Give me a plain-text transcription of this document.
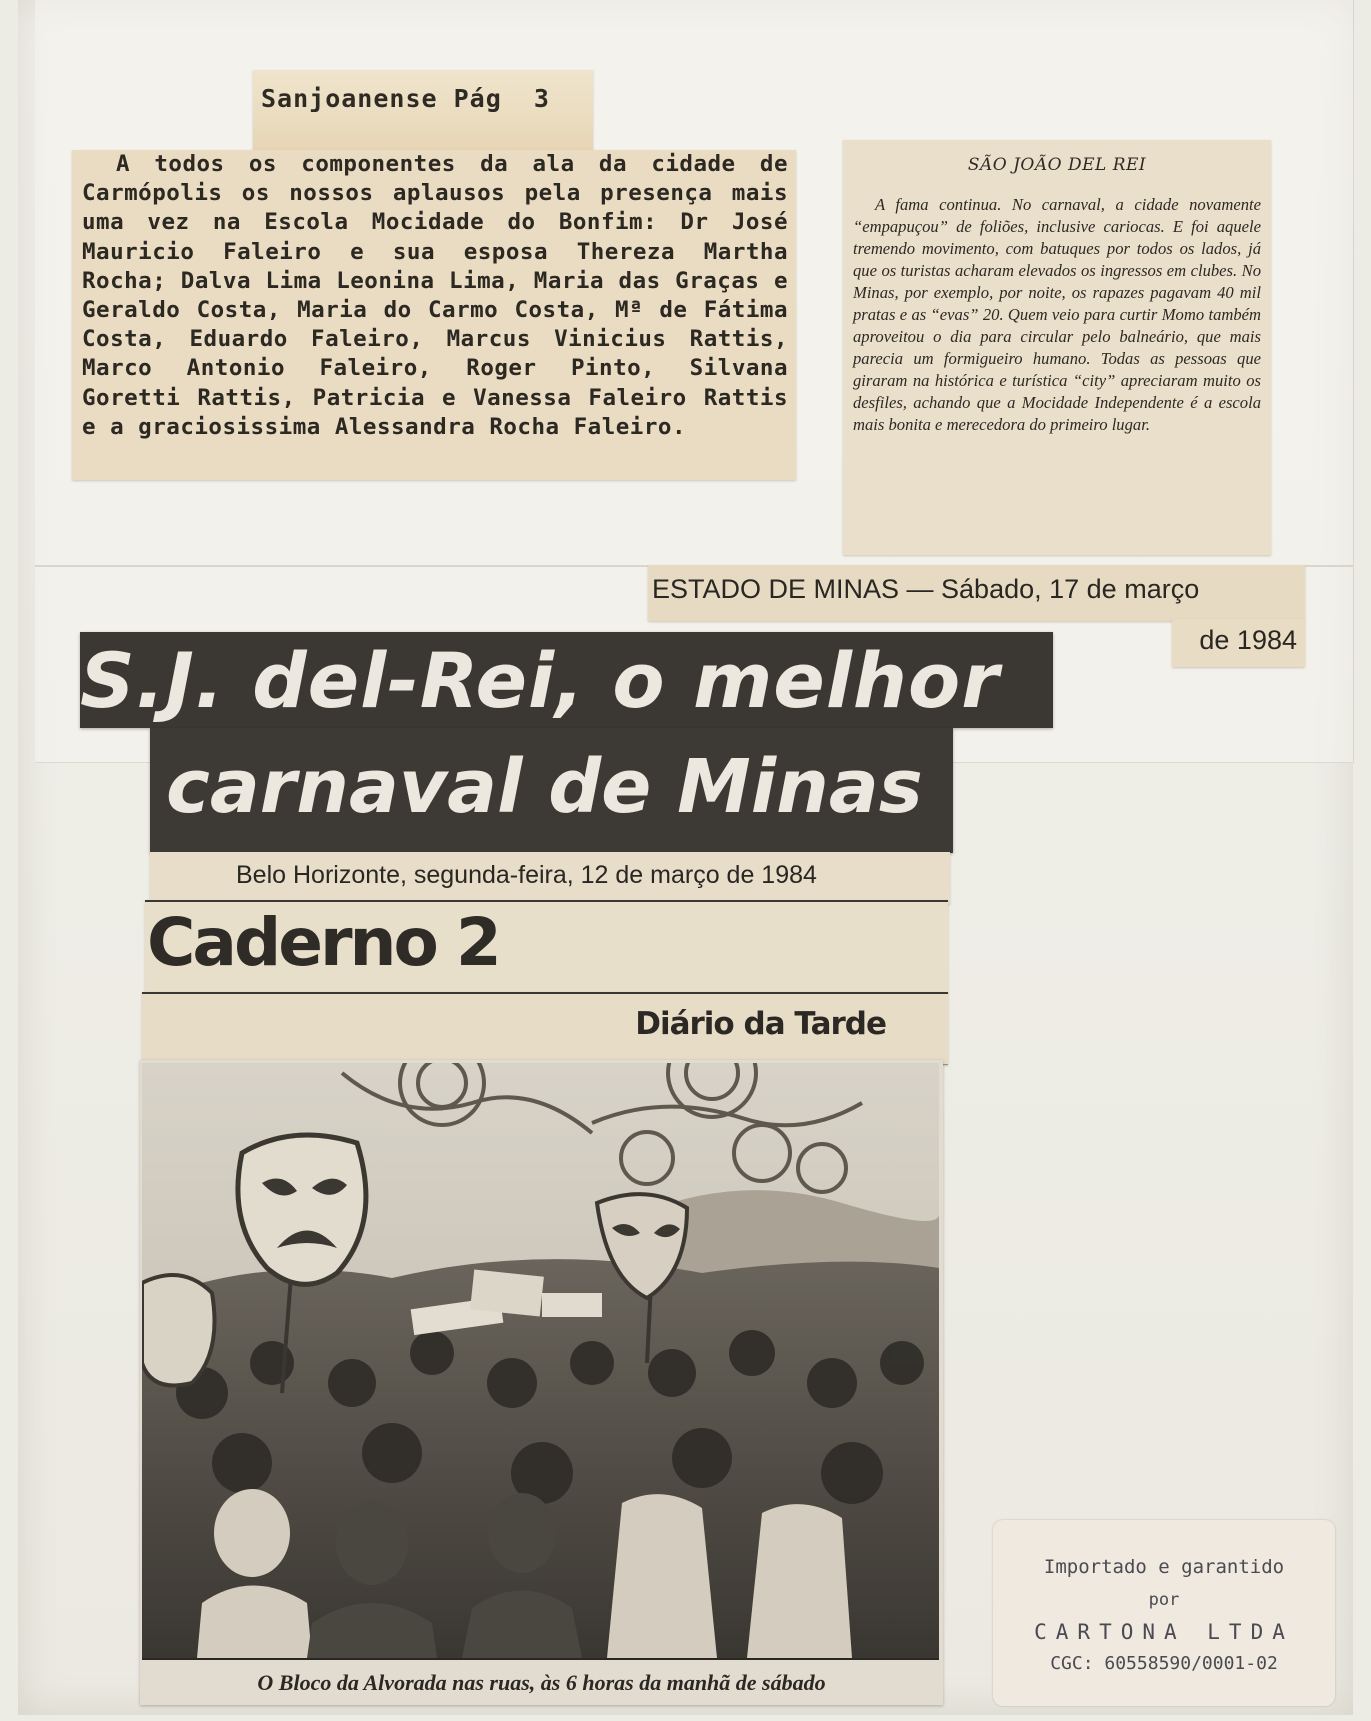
Sanjoanense Pág  3
A todos os componentes da ala da cidade de Carmópolis os nossos aplausos pela presença mais uma vez na Escola Mocidade do Bonfim: Dr José Mauricio Faleiro e sua esposa Thereza Martha Rocha; Dalva Lima Leonina Lima, Maria das Graças e Geraldo Costa, Maria do Carmo Costa, Mª de Fátima Costa, Eduardo Faleiro, Marcus Vinicius Rattis, Marco Antonio Faleiro, Roger Pinto, Silvana Goretti Rattis, Patricia e Vanessa Faleiro Rattis e a graciosissima Alessandra Rocha Faleiro.
SÃO JOÃO DEL REI
A fama continua. No carnaval, a cidade novamente “empapuçou” de foliões, inclusive cariocas. E foi aquele tremendo movimento, com batuques por todos os lados, já que os turistas acharam elevados os ingressos em clubes. No Minas, por exemplo, por noite, os rapazes pagavam 40 mil pratas e as “evas” 20. Quem veio para curtir Momo também aproveitou o dia para circular pelo balneário, que mais parecia um formigueiro humano. Todas as pessoas que giraram na histórica e turística “city” apreciaram muito os desfiles, achando que a Mocidade Independente é a escola mais bonita e merecedora do primeiro lugar.
ESTADO DE MINAS — Sábado, 17 de março
de 1984
S.J. del-Rei, o melhor
carnaval de Minas
Belo Horizonte, segunda-feira, 12 de março de 1984
Caderno 2
Diário da Tarde
O Bloco da Alvorada nas ruas, às 6 horas da manhã de sábado
Importado e garantido
por
CARTONA LTDA
CGC: 60558590/0001-02
